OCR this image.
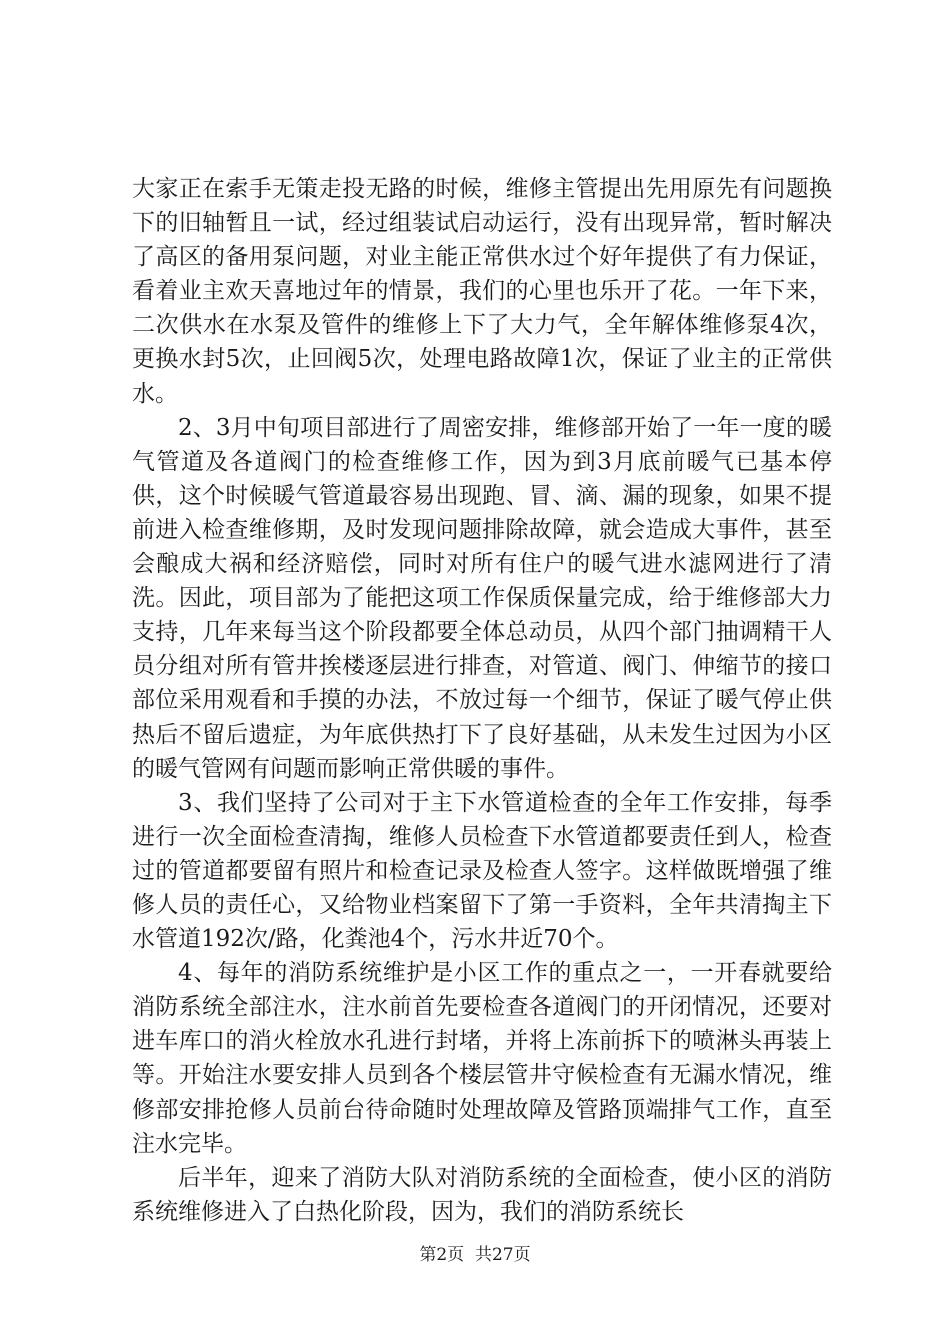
大家正在索手无策走投无路的时候，维修主管提出先用原先有问题换下的旧轴暂且一试，经过组装试启动运行，没有出现异常，暂时解决了高区的备用泵问题，对业主能正常供水过个好年提供了有力保证，看着业主欢天喜地过年的情景，我们的心里也乐开了花。一年下来，二次供水在水泵及管件的维修上下了大力气，全年解体维修泵4次，更换水封5次，止回阀5次，处理电路故障1次，保证了业主的正常供水。

2、3月中旬项目部进行了周密安排，维修部开始了一年一度的暖气管道及各道阀门的检查维修工作，因为到3月底前暖气已基本停供，这个时候暖气管道最容易出现跑、冒、滴、漏的现象，如果不提前进入检查维修期，及时发现问题排除故障，就会造成大事件，甚至会酿成大祸和经济赔偿，同时对所有住户的暖气进水滤网进行了清洗。因此，项目部为了能把这项工作保质保量完成，给于维修部大力支持，几年来每当这个阶段都要全体总动员，从四个部门抽调精干人员分组对所有管井挨楼逐层进行排查，对管道、阀门、伸缩节的接口部位采用观看和手摸的办法，不放过每一个细节，保证了暖气停止供热后不留后遗症，为年底供热打下了良好基础，从未发生过因为小区的暖气管网有问题而影响正常供暖的事件。

3、我们坚持了公司对于主下水管道检查的全年工作安排，每季进行一次全面检查清掏，维修人员检查下水管道都要责任到人，检查过的管道都要留有照片和检查记录及检查人签字。这样做既增强了维修人员的责任心，又给物业档案留下了第一手资料，全年共清掏主下水管道192次/路，化粪池4个，污水井近70个。

4、每年的消防系统维护是小区工作的重点之一，一开春就要给消防系统全部注水，注水前首先要检查各道阀门的开闭情况，还要对进车库口的消火栓放水孔进行封堵，并将上冻前拆下的喷淋头再装上等。开始注水要安排人员到各个楼层管井守候检查有无漏水情况，维修部安排抢修人员前台待命随时处理故障及管路顶端排气工作，直至注水完毕。

后半年，迎来了消防大队对消防系统的全面检查，使小区的消防系统维修进入了白热化阶段，因为，我们的消防系统长

第2页  共27页
